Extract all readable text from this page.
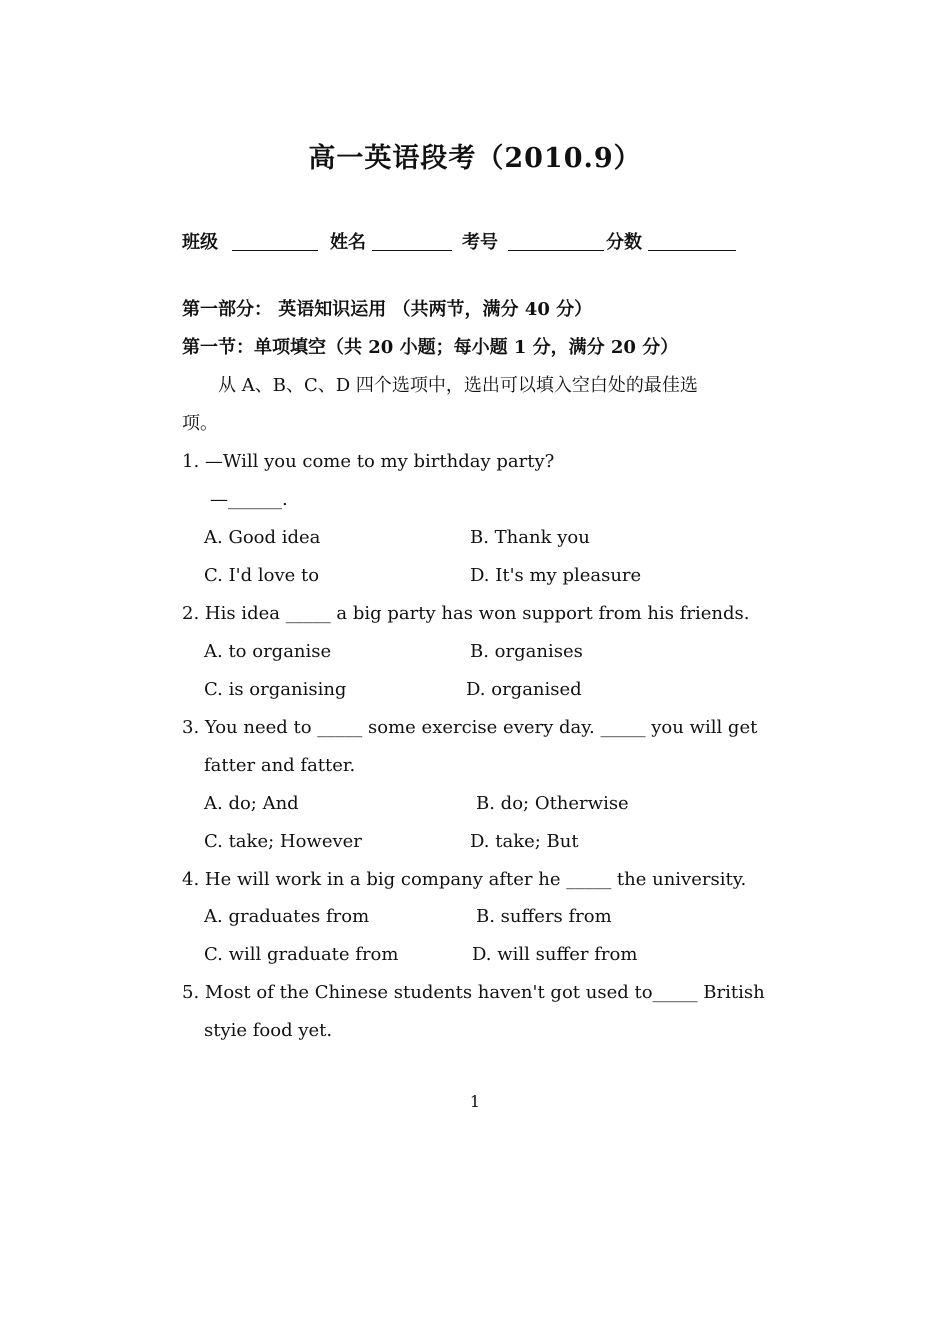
高一英语段考（2010.9）
班级	姓名	考号	分数
第一部分： 英语知识运用 （共两节，满分 40 分）
第一节：单项填空（共 20 小题；每小题 1 分，满分 20 分）
从 A、B、C、D 四个选项中，选出可以填入空白处的最佳选
项。
1. —Will you come to my birthday party?
—______.
A. Good idea	B. Thank you
C. I'd love to	D. It's my pleasure
2. His idea _____ a big party has won support from his friends.
A. to organise	B. organises
C. is organising	D. organised
3. You need to _____ some exercise every day. _____ you will get
fatter and fatter.
A. do; And	B. do; Otherwise
C. take; However	D. take; But
4. He will work in a big company after he _____ the university.
A. graduates from	B. suffers from
C. will graduate from	D. will suffer from
5. Most of the Chinese students haven't got used to_____ British
styie food yet.
1
